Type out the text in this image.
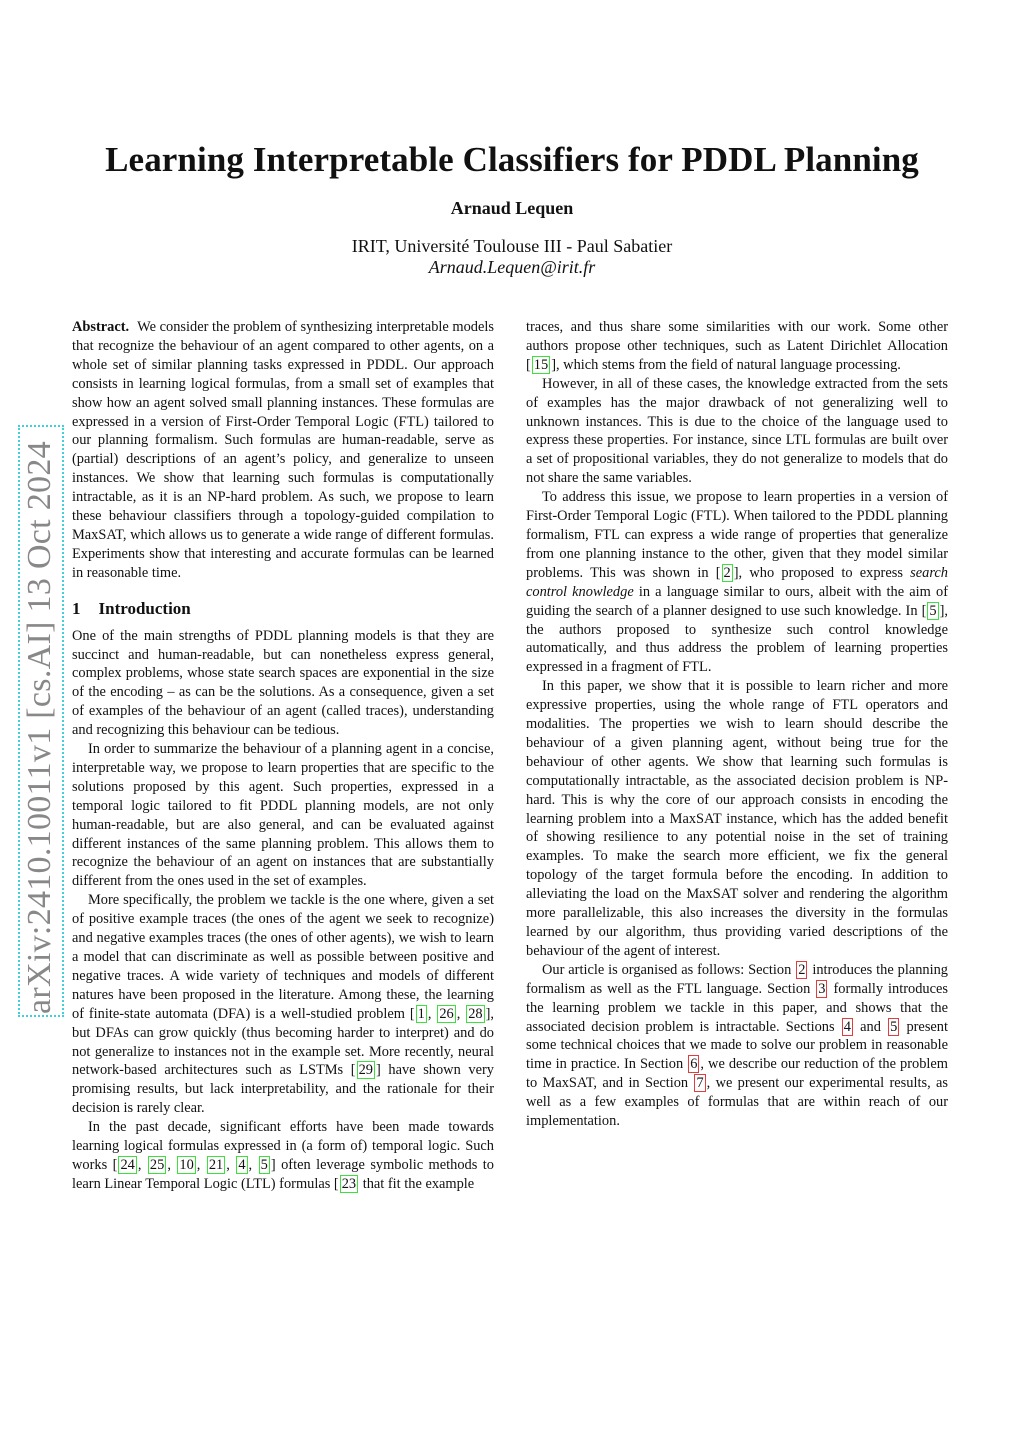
Learning Interpretable Classifiers for PDDL Planning
Arnaud Lequen
IRIT, Université Toulouse III - Paul Sabatier
Arnaud.Lequen@irit.fr
arXiv:2410.10011v1 [cs.AI] 13 Oct 2024

Abstract. We consider the problem of synthesizing interpretable models that recognize the behaviour of an agent compared to other agents, on a whole set of similar planning tasks expressed in PDDL. Our approach consists in learning logical formulas, from a small set of examples that show how an agent solved small planning instances. These formulas are expressed in a version of First-Order Temporal Logic (FTL) tailored to our planning formalism. Such formulas are human-readable, serve as (partial) descriptions of an agent’s policy, and generalize to unseen instances. We show that learning such formulas is computationally intractable, as it is an NP-hard problem. As such, we propose to learn these behaviour classifiers through a topology-guided compilation to MaxSAT, which allows us to generate a wide range of different formulas. Experiments show that interesting and accurate formulas can be learned in reasonable time.

1 Introduction

One of the main strengths of PDDL planning models is that they are succinct and human-readable, but can nonetheless express general, complex problems, whose state search spaces are exponential in the size of the encoding – as can be the solutions. As a consequence, given a set of examples of the behaviour of an agent (called traces), understanding and recognizing this behaviour can be tedious.

In order to summarize the behaviour of a planning agent in a concise, interpretable way, we propose to learn properties that are specific to the solutions proposed by this agent. Such properties, expressed in a temporal logic tailored to fit PDDL planning models, are not only human-readable, but are also general, and can be evaluated against different instances of the same planning problem. This allows them to recognize the behaviour of an agent on instances that are substantially different from the ones used in the set of examples.

More specifically, the problem we tackle is the one where, given a set of positive example traces (the ones of the agent we seek to recognize) and negative examples traces (the ones of other agents), we wish to learn a model that can discriminate as well as possible between positive and negative traces. A wide variety of techniques and models of different natures have been proposed in the literature. Among these, the learning of finite-state automata (DFA) is a well-studied problem [ 1 , 26 , 28 ], but DFAs can grow quickly (thus becoming harder to interpret) and do not generalize to instances not in the example set. More recently, neural network-based architectures such as LSTMs [ 29 ] have shown very promising results, but lack interpretability, and the rationale for their decision is rarely clear.

In the past decade, significant efforts have been made towards learning logical formulas expressed in (a form of) temporal logic. Such works [ 24 , 25 , 10 , 21 , 4 , 5 ] often leverage symbolic methods to learn Linear Temporal Logic (LTL) formulas [ 23 that fit the example

traces, and thus share some similarities with our work. Some other authors propose other techniques, such as Latent Dirichlet Allocation [ 15 ], which stems from the field of natural language processing.

However, in all of these cases, the knowledge extracted from the sets of examples has the major drawback of not generalizing well to unknown instances. This is due to the choice of the language used to express these properties. For instance, since LTL formulas are built over a set of propositional variables, they do not generalize to models that do not share the same variables.

To address this issue, we propose to learn properties in a version of First-Order Temporal Logic (FTL). When tailored to the PDDL planning formalism, FTL can express a wide range of properties that generalize from one planning instance to the other, given that they model similar problems. This was shown in [ 2 ], who proposed to express search control knowledge in a language similar to ours, albeit with the aim of guiding the search of a planner designed to use such knowledge. In [ 5 ], the authors proposed to synthesize such control knowledge automatically, and thus address the problem of learning properties expressed in a fragment of FTL.

In this paper, we show that it is possible to learn richer and more expressive properties, using the whole range of FTL operators and modalities. The properties we wish to learn should describe the behaviour of a given planning agent, without being true for the behaviour of other agents. We show that learning such formulas is computationally intractable, as the associated decision problem is NP-hard. This is why the core of our approach consists in encoding the learning problem into a MaxSAT instance, which has the added benefit of showing resilience to any potential noise in the set of training examples. To make the search more efficient, we fix the general topology of the target formula before the encoding. In addition to alleviating the load on the MaxSAT solver and rendering the algorithm more parallelizable, this also increases the diversity in the formulas learned by our algorithm, thus providing varied descriptions of the behaviour of the agent of interest.

Our article is organised as follows: Section 2 introduces the planning formalism as well as the FTL language. Section 3 formally introduces the learning problem we tackle in this paper, and shows that the associated decision problem is intractable. Sections 4 and 5 present some technical choices that we made to solve our problem in reasonable time in practice. In Section 6 , we describe our reduction of the problem to MaxSAT, and in Section 7 , we present our experimental results, as well as a few examples of formulas that are within reach of our implementation.
